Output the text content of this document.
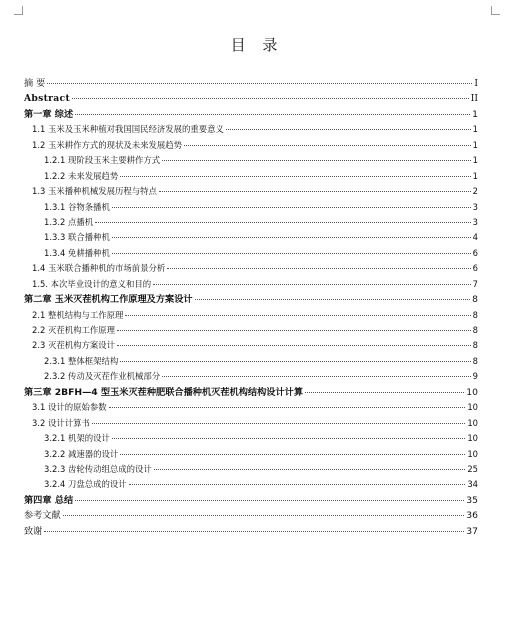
目 录
摘 要	I
Abstract	II
第一章 综述	1
1.1 玉米及玉米种植对我国国民经济发展的重要意义	1
1.2 玉米耕作方式的现状及未来发展趋势	1
1.2.1 现阶段玉米主要耕作方式	1
1.2.2 未来发展趋势	1
1.3 玉米播种机械发展历程与特点	2
1.3.1 谷物条播机	3
1.3.2 点播机	3
1.3.3 联合播种机	4
1.3.4 免耕播种机	6
1.4 玉米联合播种机的市场前景分析	6
1.5. 本次毕业设计的意义和目的	7
第二章 玉米灭茬机构工作原理及方案设计	8
2.1 整机结构与工作原理	8
2.2 灭茬机构工作原理	8
2.3 灭茬机构方案设计	8
2.3.1 整体框架结构	8
2.3.2 传动及灭茬作业机械部分	9
第三章 2BFH—4 型玉米灭茬种肥联合播种机灭茬机构结构设计计算	10
3.1 设计的原始参数	10
3.2 设计计算书	10
3.2.1 机架的设计	10
3.2.2 减速器的设计	10
3.2.3 齿轮传动组总成的设计	25
3.2.4 刀盘总成的设计	34
第四章 总结	35
参考文献	36
致谢	37
